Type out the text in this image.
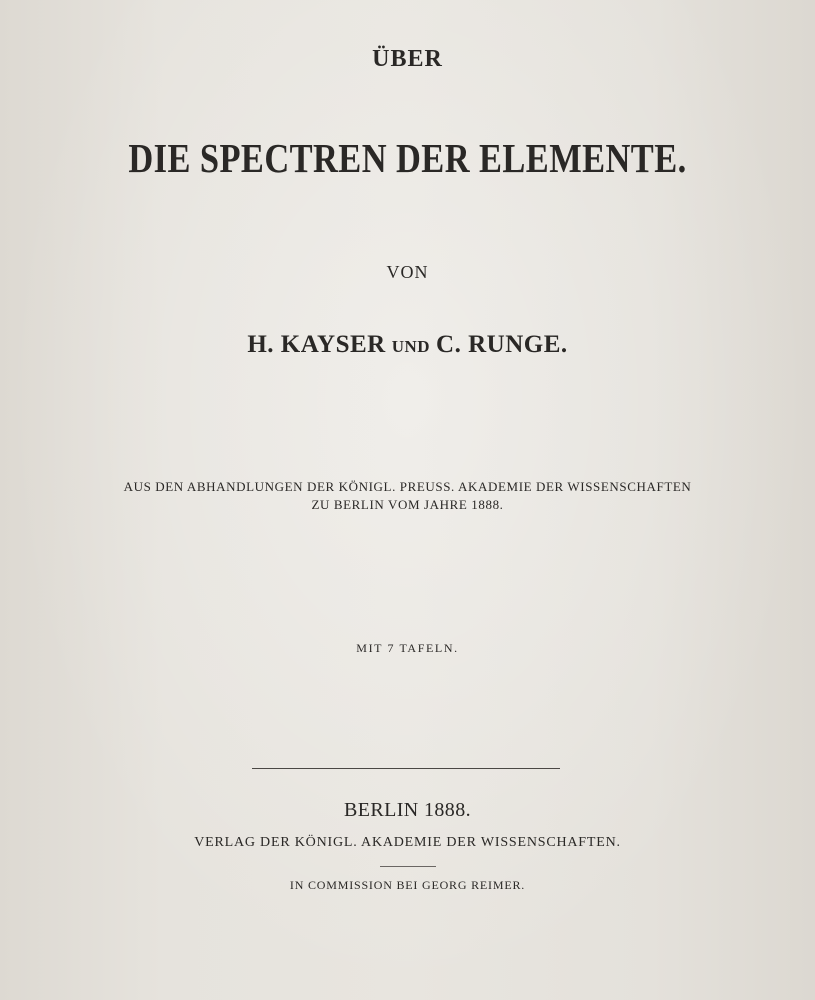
ÜBER
DIE SPECTREN DER ELEMENTE.
VON
H. KAYSER UND C. RUNGE.
AUS DEN ABHANDLUNGEN DER KÖNIGL. PREUSS. AKADEMIE DER WISSENSCHAFTEN
ZU BERLIN VOM JAHRE 1888.
MIT 7 TAFELN.
BERLIN 1888.
VERLAG DER KÖNIGL. AKADEMIE DER WISSENSCHAFTEN.
IN COMMISSION BEI GEORG REIMER.
